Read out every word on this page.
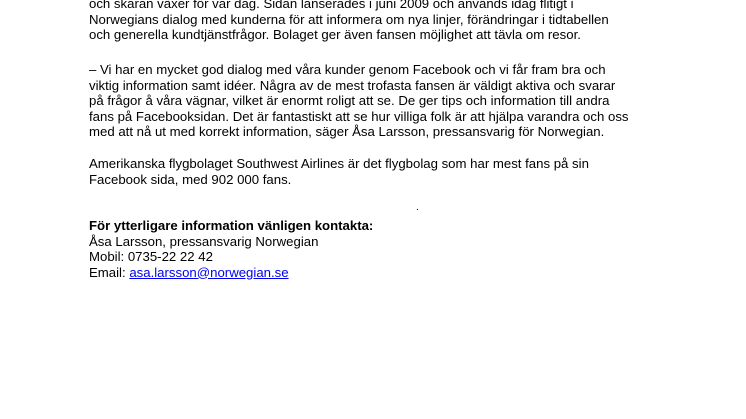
och skaran växer för var dag. Sidan lanserades i juni 2009 och används idag flitigt i
Norwegians dialog med kunderna för att informera om nya linjer, förändringar i tidtabellen
och generella kundtjänstfrågor. Bolaget ger även fansen möjlighet att tävla om resor.
– Vi har en mycket god dialog med våra kunder genom Facebook och vi får fram bra och
viktig information samt idéer. Några av de mest trofasta fansen är väldigt aktiva och svarar
på frågor å våra vägnar, vilket är enormt roligt att se. De ger tips och information till andra
fans på Facebooksidan. Det är fantastiskt att se hur villiga folk är att hjälpa varandra och oss
med att nå ut med korrekt information, säger Åsa Larsson, pressansvarig för Norwegian.
Amerikanska flygbolaget Southwest Airlines är det flygbolag som har mest fans på sin
Facebook sida, med 902 000 fans.
.
För ytterligare information vänligen kontakta:
Åsa Larsson, pressansvarig Norwegian
Mobil: 0735-22 22 42
Email: asa.larsson@norwegian.se
